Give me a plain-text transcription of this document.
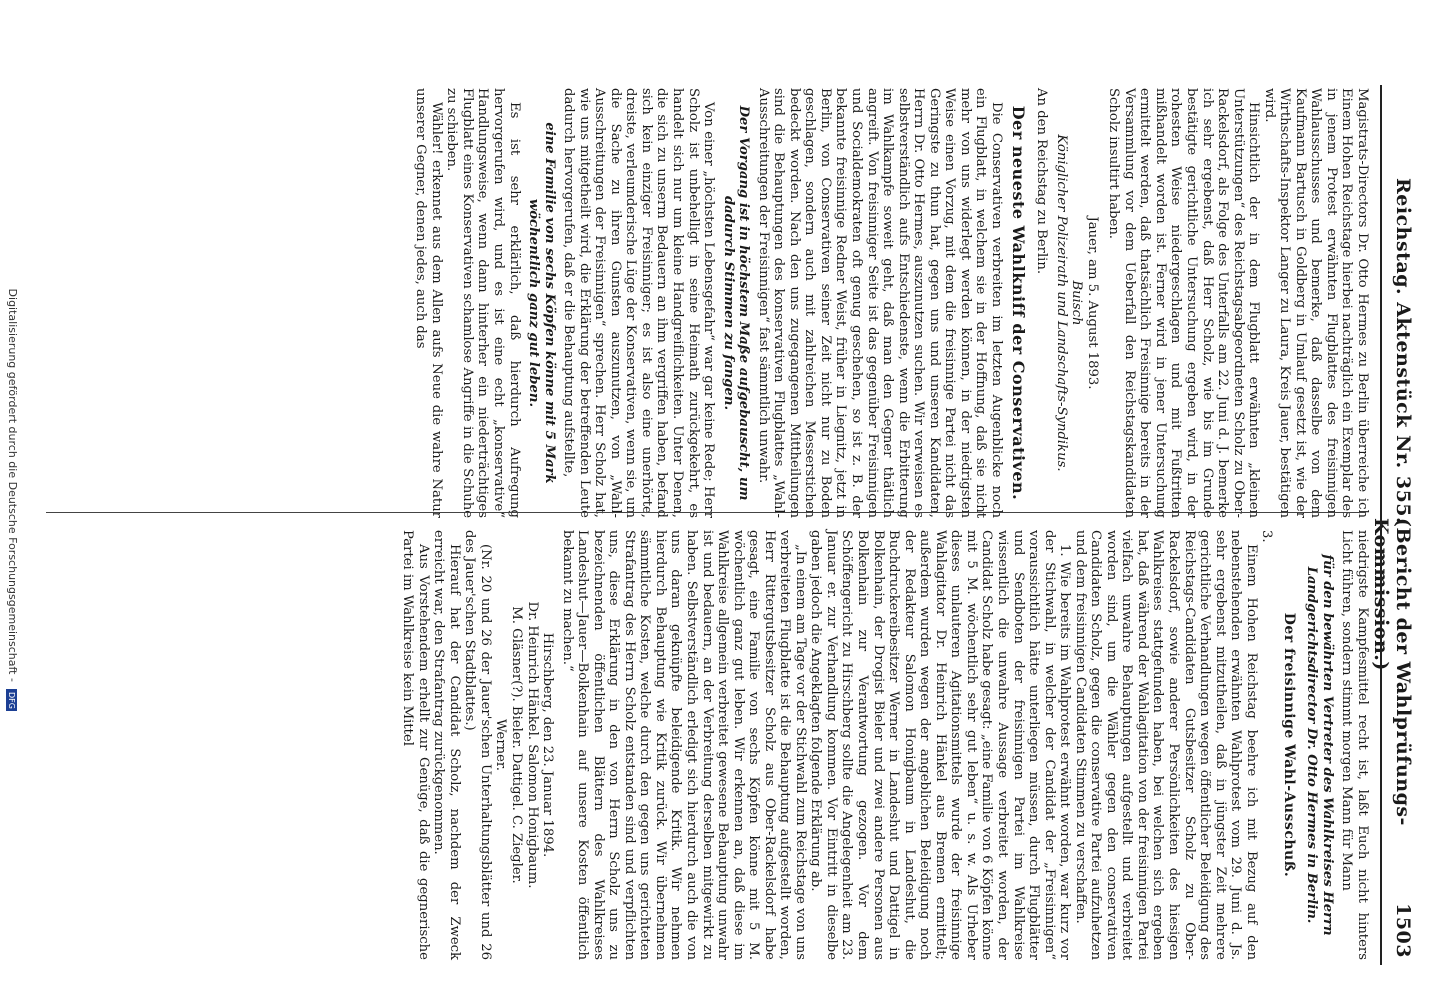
Reichstag. Aktenstück Nr. 355.
(Bericht der Wahlprüfungs-Kommission.)
1503

Magistrats-Directors Dr. Otto Hermes zu Berlin überreiche ich Einem Hohen Reichstage hierbei nachträglich ein Exemplar des in jenem Protest erwähnten Flugblattes des freisinnigen Wahlausschusses und bemerke, daß dasselbe von dem Kaufmann Bartusch in Goldberg in Umlauf gesetzt ist, wie der Wirthschafts-Inspektor Langer zu Laura, Kreis Jauer, bestätigen wird.

Hinsichtlich der in dem Flugblatt erwähnten „kleinen Unterstützungen“ des Reichstagsabgeordneten Scholz zu Ober-Rackelsdorf, als Folge des Unterfalls am 22. Juni d. J. bemerke ich sehr ergebenst, daß Herr Scholz, wie bis im Grunde bestätigte gerichtliche Untersuchung ergeben wird, in der rohesten Weise niedergeschlagen und mit Fußtritten mißhandelt worden ist. Ferner wird in jener Untersuchung ermittelt werden, daß thatsächlich Freisinnige bereits in der Versammlung vor dem Ueberfall den Reichstagskandidaten Scholz insultirt haben.

Jauer, am 5. August 1893.

Buisch

Königlicher Polizeirath und Landschafts-Syndikus.

An den Reichstag zu Berlin.

Der neueste Wahlkniff der Conservativen.

Die Conservativen verbreiten im letzten Augenblicke noch ein Flugblatt, in welchem sie in der Hoffnung, daß sie nicht mehr von uns widerlegt werden können, in der niedrigsten Weise einen Vorzug, mit dem die freisinnige Partei nicht das Geringste zu thun hat, gegen uns und unseren Kandidaten, Herrn Dr. Otto Hermes, auszunutzen suchen. Wir verweisen es selbstverständlich aufs Entschiedenste, wenn die Erbitterung im Wahlkampfe soweit geht, daß man den Gegner thätlich angreift. Von freisinniger Seite ist das gegenüber Freisinnigen und Socialdemokraten oft genug geschehen, so ist z. B. der bekannte freisinnige Redner Weist, früher in Liegnitz, jetzt in Berlin, von Conservativen seiner Zeit nicht nur zu Boden geschlagen, sondern auch mit zahlreichen Messerstichen bedeckt worden. Nach den uns zugegangenen Mittheilungen sind die Behauptungen des konservativen Flugblattes „Wahl-Ausschreitungen der Freisinnigen“ fast sämmtlich unwahr.

Der Vorgang ist in höchstem Maße aufgebauscht, um dadurch Stimmen zu fangen.

Von einer „höchsten Lebensgefahr“ war gar keine Rede; Herr Scholz ist unbehelligt in seine Heimath zurückgekehrt, es handelt sich nur um kleine Handgreiflichkeiten. Unter Denen, die sich zu unserm Bedauern an ihm vergriffen haben, befand sich kein einziger Freisinniger; es ist also eine unerhörte, dreiste, verleumderische Lüge der Konservativen, wenn sie, um die Sache zu ihren Gunsten auszunutzen, von „Wahl-Ausschreitungen der Freisinnigen“ sprechen. Herr Scholz hat, wie uns mitgetheilt wird, die Erklärung der betreffenden Leute dadurch hervorgerufen, daß er die Behauptung aufstellte,

eine Familie von sechs Köpfen könne mit 5 Mark wöchentlich ganz gut leben.

Es ist sehr erklärlich, daß hierdurch Aufregung hervorgerufen wird, und es ist eine echt „konservative“ Handlungsweise, wenn dann hinterher ein niederträchtiges Flugblatt eines Konservativen schamlose Angriffe in die Schuhe zu schieben.

Wähler! erkennet aus dem Allen aufs Neue die wahre Natur unserer Gegner, denen jedes, auch das

niedrigste Kampfesmittel recht ist, laßt Euch nicht hinters Licht führen, sondern stimmt morgen Mann für Mann

für den bewährten Vertreter des Wahlkreises Herrn Landgerichtsdirector Dr. Otto Hermes in Berlin.

Der freisinnige Wahl-Ausschuß.

3.

Einem Hohen Reichstag beehre ich mit Bezug auf den nebenstehenden erwähnten Wahlprotest vom 29. Juni d. Js. sehr ergebenst mitzutheilen, daß in jüngster Zeit mehrere gerichtliche Verhandlungen wegen öffentlicher Beleidigung des Reichstags-Candidaten Gutsbesitzer Scholz zu Ober-Rackelsdorf, sowie anderer Persönlichkeiten des hiesigen Wahlkreises stattgefunden haben, bei welchen sich ergeben hat, daß während der Wahlagitation von der freisinnigen Partei vielfach unwahre Behauptungen aufgestellt und verbreitet worden sind, um die Wähler gegen den conservativen Candidaten Scholz, gegen die conservative Partei aufzuhetzen und dem freisinnigen Candidaten Stimmen zu verschaffen.

1. Wie bereits im Wahlprotest erwähnt worden, war kurz vor der Stichwahl, in welcher der Candidat der „Freisinnigen“ voraussichtlich hätte unterliegen müssen, durch Flugblätter und Sendboten der freisinnigen Partei im Wahlkreise wissentlich die unwahre Aussage verbreitet worden, der Candidat Scholz habe gesagt: „eine Familie von 6 Köpfen könne mit 5 M. wöchentlich sehr gut leben“ u. s. w. Als Urheber dieses unlauteren Agitationsmittels wurde der freisinnige Wahlagitator Dr. Heinrich Hänkel aus Bremen ermittelt; außerdem wurden wegen der angeblichen Beleidigung noch der Redakteur Salomon Honigbaum in Landeshut, die Buchdruckereibesitzer Werner in Landeshut und Dattigel in Bolkenhain, der Drogist Bieler und zwei andere Personen aus Bolkenhain zur Verantwortung gezogen. Vor dem Schöffengericht zu Hirschberg sollte die Angelegenheit am 23. Januar er. zur Verhandlung kommen. Vor Eintritt in dieselbe gaben jedoch die Angeklagten folgende Erklärung ab.

„In einem am Tage vor der Stichwahl zum Reichstage von uns verbreiteten Flugblatte ist die Behauptung aufgestellt worden, Herr Rittergutsbesitzer Scholz aus Ober-Rackelsdorf habe gesagt, eine Familie von sechs Köpfen könne mit 5 M. wöchentlich ganz gut leben. Wir erkennen an, daß diese im Wahlkreise allgemein verbreitet gewesene Behauptung unwahr ist und bedauern, an der Verbreitung derselben mitgewirkt zu haben. Selbstverständlich erledigt sich hierdurch auch die von uns daran geknüpfte beleidigende Kritik. Wir nehmen hierdurch Behauptung wie Kritik zurück. Wir übernehmen sämmtliche Kosten, welche durch den gegen uns gerichteten Strafantrag des Herrn Scholz entstanden sind und verpflichten uns, diese Erklärung in den von Herrn Scholz uns zu bezeichnenden öffentlichen Blättern des Wahlkreises Landeshut—Jauer—Bolkenhain auf unsere Kosten öffentlich bekannt zu machen.“

Hirschberg, den 23. Januar 1894.

Dr. Heinrich Hänkel. Salomon Honigbaum.

M. Gläsner(?). Bieler. Dattigel. C. Ziegler.

Werner.

(Nr. 20 und 26 der Jauer'schen Unterhaltungsblätter und 26 des Jauer'schen Stadtblattes.)

Hierauf hat der Candidat Scholz, nachdem der Zweck erreicht war, den Strafantrag zurückgenommen.

Aus Vorstehendem erhellt zur Genüge, daß die gegnerische Partei im Wahlkreise kein Mittel

Digitalisierung gefördert durch die Deutsche Forschungsgemeinschaft - DFG
